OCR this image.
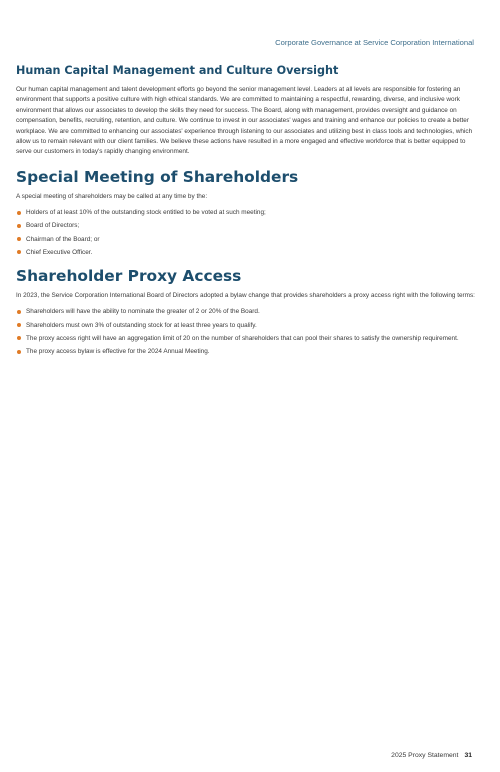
Corporate Governance at Service Corporation International
Human Capital Management and Culture Oversight

Our human capital management and talent development efforts go beyond the senior management level. Leaders at all levels are responsible for fostering an environment that supports a positive culture with high ethical standards. We are committed to maintaining a respectful, rewarding, diverse, and inclusive work environment that allows our associates to develop the skills they need for success. The Board, along with management, provides oversight and guidance on compensation, benefits, recruiting, retention, and culture. We continue to invest in our associates' wages and training and enhance our policies to create a better workplace. We are committed to enhancing our associates' experience through listening to our associates and utilizing best in class tools and technologies, which allow us to remain relevant with our client families. We believe these actions have resulted in a more engaged and effective workforce that is better equipped to serve our customers in today's rapidly changing environment.

Special Meeting of Shareholders

A special meeting of shareholders may be called at any time by the:

Holders of at least 10% of the outstanding stock entitled to be voted at such meeting;
Board of Directors;
Chairman of the Board; or
Chief Executive Officer.
Shareholder Proxy Access

In 2023, the Service Corporation International Board of Directors adopted a bylaw change that provides shareholders a proxy access right with the following terms:

Shareholders will have the ability to nominate the greater of 2 or 20% of the Board.
Shareholders must own 3% of outstanding stock for at least three years to qualify.
The proxy access right will have an aggregation limit of 20 on the number of shareholders that can pool their shares to satisfy the ownership requirement.
The proxy access bylaw is effective for the 2024 Annual Meeting.
2025 Proxy Statement 31
